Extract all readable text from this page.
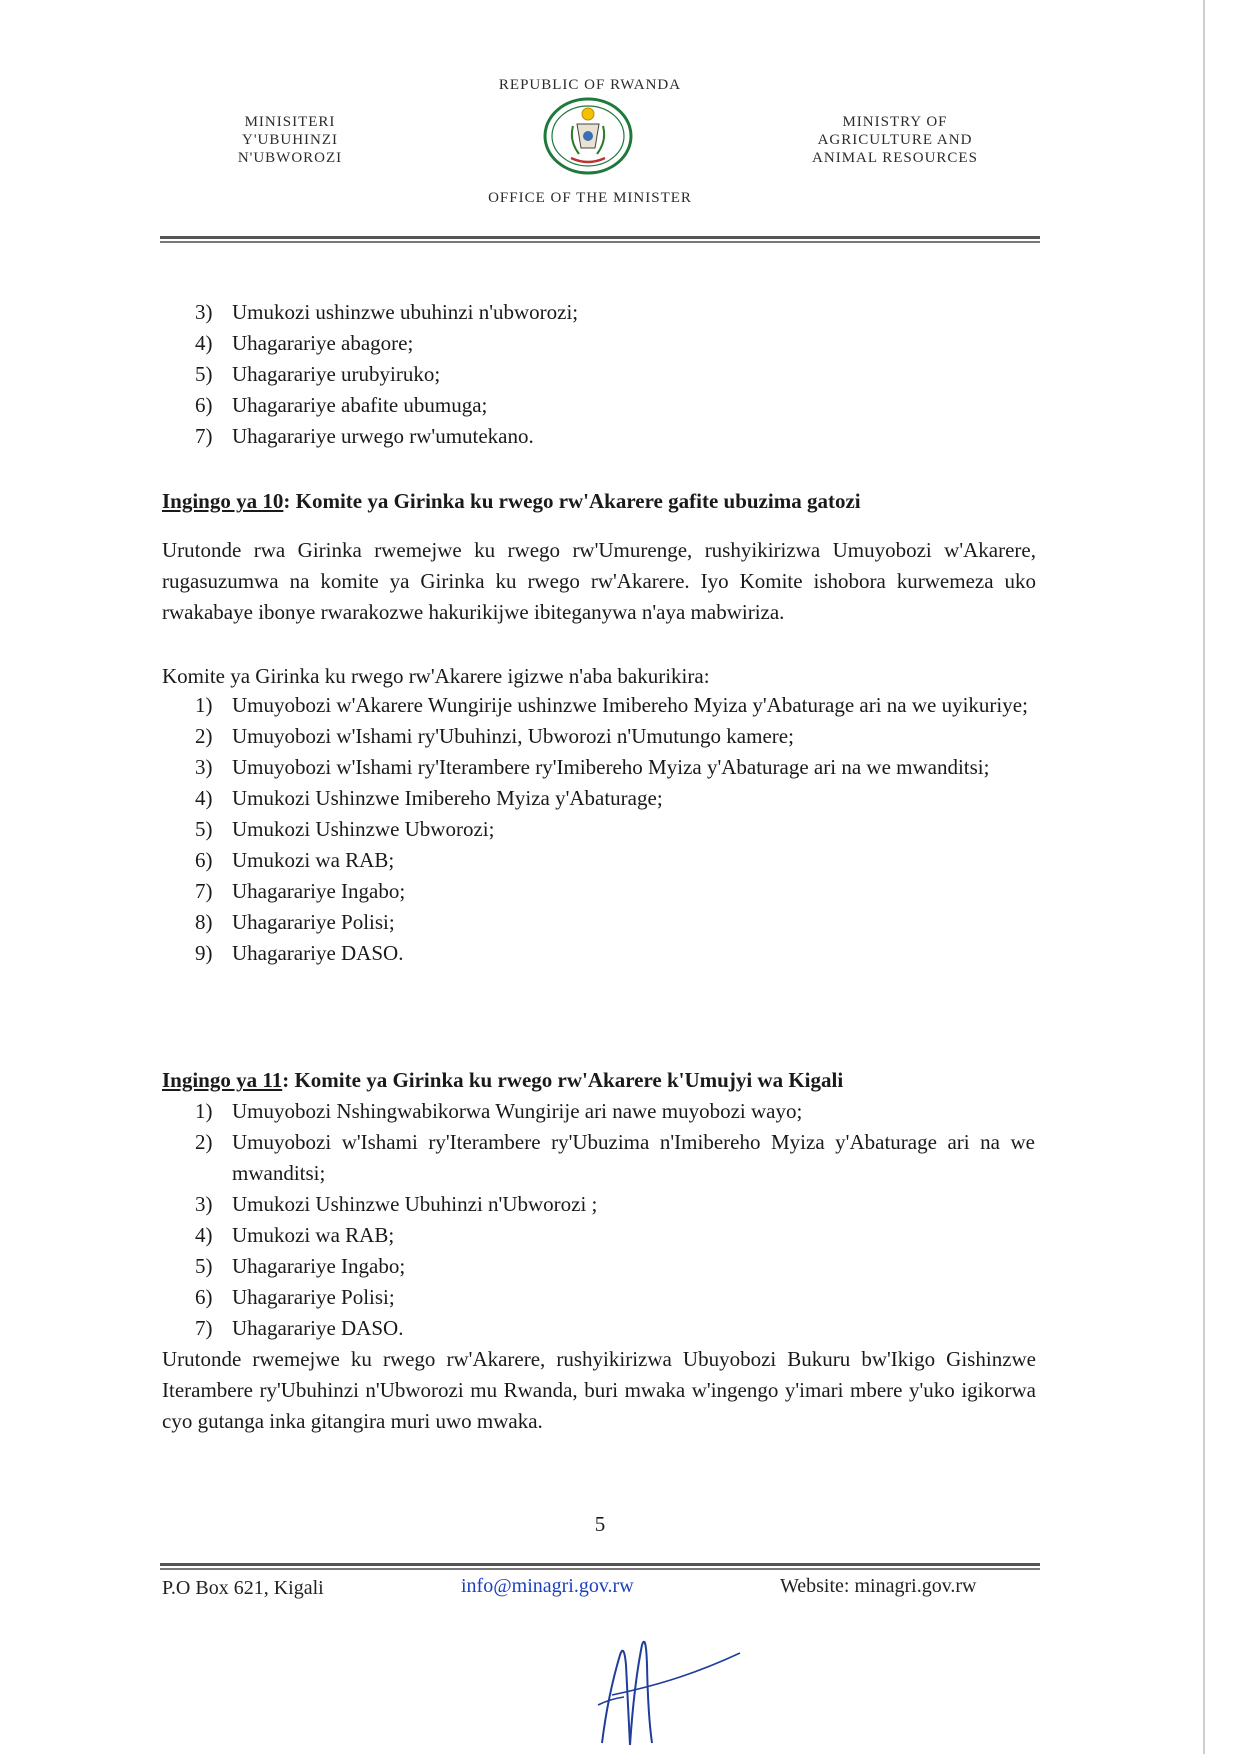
REPUBLIC OF RWANDA
MINISITERI
Y'UBUHINZI
N'UBWOROZI
MINISTRY OF
AGRICULTURE AND
ANIMAL RESOURCES
OFFICE OF THE MINISTER
3) Umukozi ushinzwe ubuhinzi n'ubworozi;
4) Uhagarariye abagore;
5) Uhagarariye urubyiruko;
6) Uhagarariye abafite ubumuga;
7) Uhagarariye urwego rw'umutekano.
Ingingo ya 10: Komite ya Girinka ku rwego rw'Akarere gafite ubuzima gatozi
Urutonde rwa Girinka rwemejwe ku rwego rw'Umurenge, rushyikirizwa Umuyobozi w'Akarere, rugasuzumwa na komite ya Girinka ku rwego rw'Akarere. Iyo Komite ishobora kurwemeza uko rwakabaye ibonye rwarakozwe hakurikijwe ibiteganywa n'aya mabwiriza.
Komite ya Girinka ku rwego rw'Akarere igizwe n'aba bakurikira:
1) Umuyobozi w'Akarere Wungirije ushinzwe Imibereho Myiza y'Abaturage ari na we uyikuriye;
2) Umuyobozi w'Ishami ry'Ubuhinzi, Ubworozi n'Umutungo kamere;
3) Umuyobozi w'Ishami ry'Iterambere ry'Imibereho Myiza y'Abaturage ari na we mwanditsi;
4) Umukozi Ushinzwe Imibereho Myiza y'Abaturage;
5) Umukozi Ushinzwe Ubworozi;
6) Umukozi wa RAB;
7) Uhagarariye Ingabo;
8) Uhagarariye Polisi;
9) Uhagarariye DASO.
Ingingo ya 11: Komite ya Girinka ku rwego rw'Akarere k'Umujyi wa Kigali
1) Umuyobozi Nshingwabikorwa Wungirije ari nawe muyobozi wayo;
2) Umuyobozi w'Ishami ry'Iterambere ry'Ubuzima n'Imibereho Myiza y'Abaturage ari na we mwanditsi;
3) Umukozi Ushinzwe Ubuhinzi n'Ubworozi ;
4) Umukozi wa RAB;
5) Uhagarariye Ingabo;
6) Uhagarariye Polisi;
7) Uhagarariye DASO.
Urutonde rwemejwe ku rwego rw'Akarere, rushyikirizwa Ubuyobozi Bukuru bw'Ikigo Gishinzwe Iterambere ry'Ubuhinzi n'Ubworozi mu Rwanda, buri mwaka w'ingengo y'imari mbere y'uko igikorwa cyo gutanga inka gitangira muri uwo mwaka.
5
P.O Box 621, Kigali	info@minagri.gov.rw	Website: minagri.gov.rw
